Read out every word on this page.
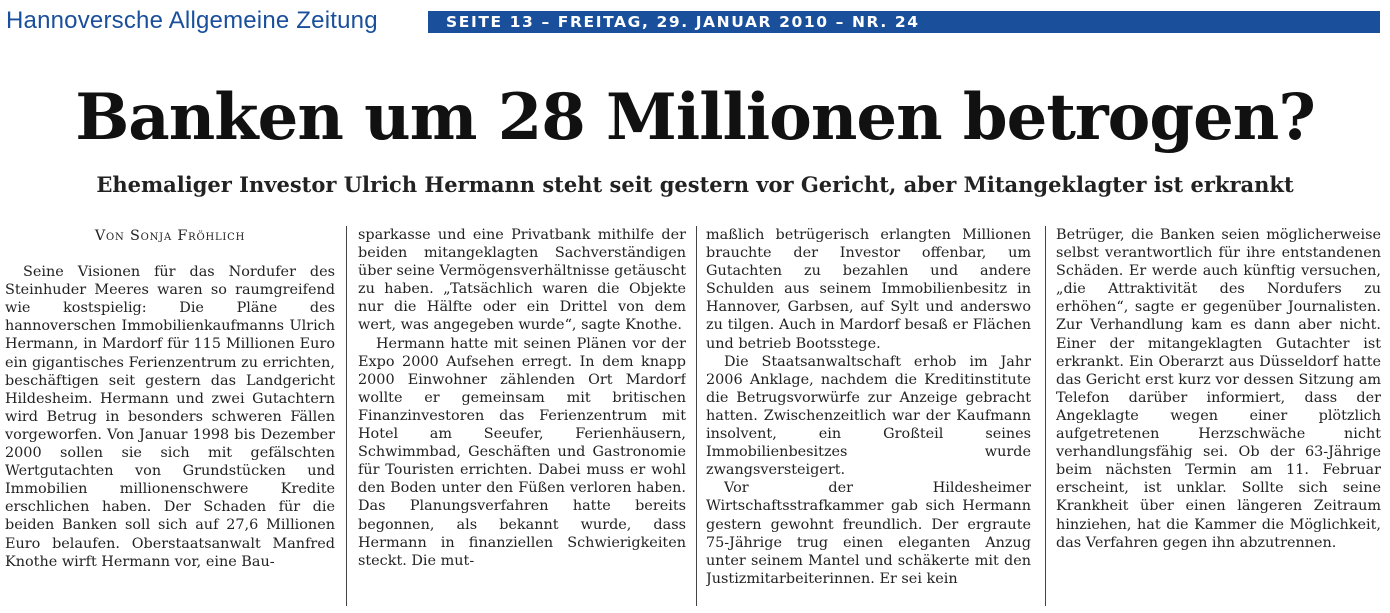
Hannoversche Allgemeine Zeitung	SEITE 13 – FREITAG, 29. JANUAR 2010 – NR. 24
Banken um 28 Millionen betrogen?
Ehemaliger Investor Ulrich Hermann steht seit gestern vor Gericht, aber Mitangeklagter ist erkrankt
Von Sonja Fröhlich

Seine Visionen für das Nordufer des Steinhuder Meeres waren so raumgreifend wie kostspielig: Die Pläne des hannoverschen Immobilienkaufmanns Ulrich Hermann, in Mardorf für 115 Millionen Euro ein gigantisches Ferienzentrum zu errichten, beschäftigen seit gestern das Landgericht Hildesheim. Hermann und zwei Gutachtern wird Betrug in besonders schweren Fällen vorgeworfen. Von Januar 1998 bis Dezember 2000 sollen sie sich mit gefälschten Wertgutachten von Grundstücken und Immobilien millionenschwere Kredite erschlichen haben. Der Schaden für die beiden Banken soll sich auf 27,6 Millionen Euro belaufen. Oberstaatsanwalt Manfred Knothe wirft Hermann vor, eine Bau-

sparkasse und eine Privatbank mithilfe der beiden mitangeklagten Sachverständigen über seine Vermögensverhältnisse getäuscht zu haben. „Tatsächlich waren die Objekte nur die Hälfte oder ein Drittel von dem wert, was angegeben wurde“, sagte Knothe.

Hermann hatte mit seinen Plänen vor der Expo 2000 Aufsehen erregt. In dem knapp 2000 Einwohner zählenden Ort Mardorf wollte er gemeinsam mit britischen Finanzinvestoren das Ferienzentrum mit Hotel am Seeufer, Ferienhäusern, Schwimmbad, Geschäften und Gastronomie für Touristen errichten. Dabei muss er wohl den Boden unter den Füßen verloren haben. Das Planungsverfahren hatte bereits begonnen, als bekannt wurde, dass Hermann in finanziellen Schwierigkeiten steckt. Die mut-

maßlich betrügerisch erlangten Millionen brauchte der Investor offenbar, um Gutachten zu bezahlen und andere Schulden aus seinem Immobilienbesitz in Hannover, Garbsen, auf Sylt und anderswo zu tilgen. Auch in Mardorf besaß er Flächen und betrieb Bootsstege.

Die Staatsanwaltschaft erhob im Jahr 2006 Anklage, nachdem die Kreditinstitute die Betrugsvorwürfe zur Anzeige gebracht hatten. Zwischenzeitlich war der Kaufmann insolvent, ein Großteil seines Immobilienbesitzes wurde zwangsversteigert.

Vor der Hildesheimer Wirtschaftsstrafkammer gab sich Hermann gestern gewohnt freundlich. Der ergraute 75-Jährige trug einen eleganten Anzug unter seinem Mantel und schäkerte mit den Justizmitarbeiterinnen. Er sei kein

Betrüger, die Banken seien möglicherweise selbst verantwortlich für ihre entstandenen Schäden. Er werde auch künftig versuchen, „die Attraktivität des Nordufers zu erhöhen“, sagte er gegenüber Journalisten. Zur Verhandlung kam es dann aber nicht. Einer der mitangeklagten Gutachter ist erkrankt. Ein Oberarzt aus Düsseldorf hatte das Gericht erst kurz vor dessen Sitzung am Telefon darüber informiert, dass der Angeklagte wegen einer plötzlich aufgetretenen Herzschwäche nicht verhandlungsfähig sei. Ob der 63-Jährige beim nächsten Termin am 11. Februar erscheint, ist unklar. Sollte sich seine Krankheit über einen längeren Zeitraum hinziehen, hat die Kammer die Möglichkeit, das Verfahren gegen ihn abzutrennen.
